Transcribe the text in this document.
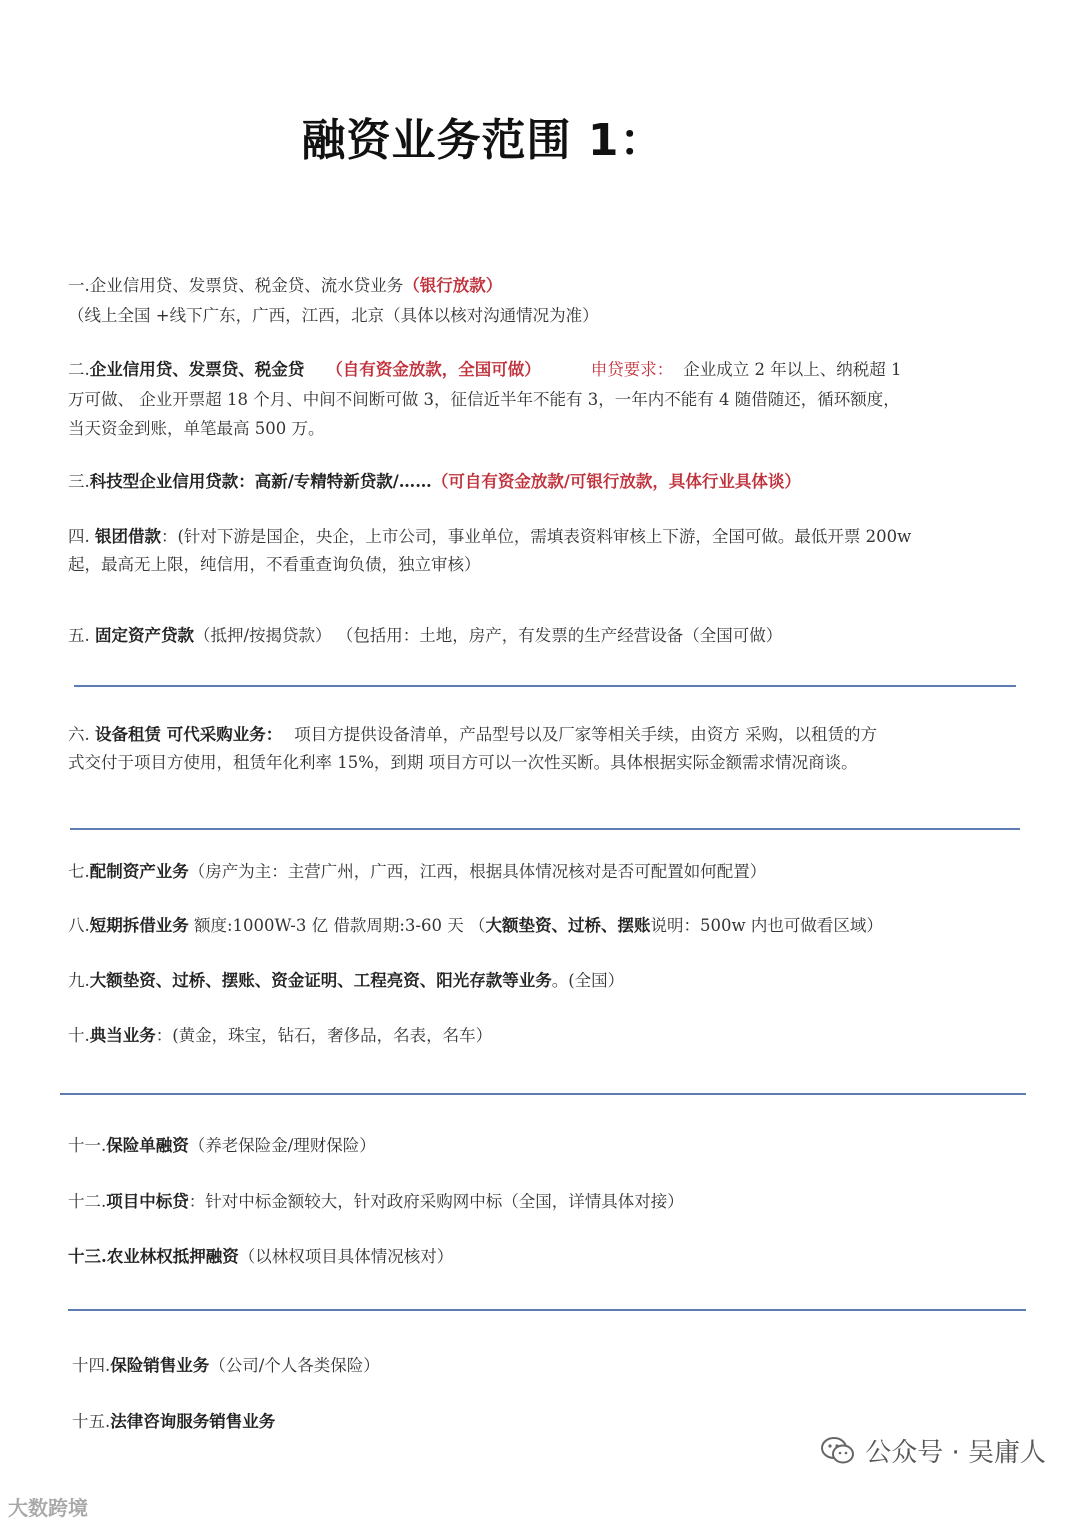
融资业务范围 1：
一.企业信用贷、发票贷、税金贷、流水贷业务（银行放款）
（线上全国 +线下广东，广西，江西，北京（具体以核对沟通情况为准）
二.企业信用贷、发票贷、税金贷 （自有资金放款，全国可做）	申贷要求： 企业成立 2 年以上、纳税超 1
万可做、 企业开票超 18 个月、中间不间断可做 3，征信近半年不能有 3，一年内不能有 4 随借随还，循环额度，
当天资金到账，单笔最高 500 万。
三.科技型企业信用贷款：高新/专精特新贷款/……（可自有资金放款/可银行放款，具体行业具体谈）
四. 银团借款：(针对下游是国企，央企，上市公司，事业单位，需填表资料审核上下游，全国可做。最低开票 200w
起，最高无上限，纯信用，不看重查询负债，独立审核）
五. 固定资产贷款（抵押/按揭贷款） （包括用：土地，房产，有发票的生产经营设备（全国可做）
六. 设备租赁 可代采购业务： 项目方提供设备清单，产品型号以及厂家等相关手续，由资方 采购，以租赁的方
式交付于项目方使用，租赁年化利率 15%，到期 项目方可以一次性买断。具体根据实际金额需求情况商谈。
七.配制资产业务（房产为主：主营广州，广西，江西，根据具体情况核对是否可配置如何配置）
八.短期拆借业务 额度:1000W-3 亿 借款周期:3-60 天 （大额垫资、过桥、摆账说明：500w 内也可做看区域）
九.大额垫资、过桥、摆账、资金证明、工程亮资、阳光存款等业务。(全国）
十.典当业务：(黄金，珠宝，钻石，奢侈品，名表，名车）
十一.保险单融资（养老保险金/理财保险）
十二.项目中标贷：针对中标金额较大，针对政府采购网中标（全国，详情具体对接）
十三.农业林权抵押融资（以林权项目具体情况核对）
十四.保险销售业务（公司/个人各类保险）
十五.法律咨询服务销售业务
公众号 · 吴庸人
大数跨境
